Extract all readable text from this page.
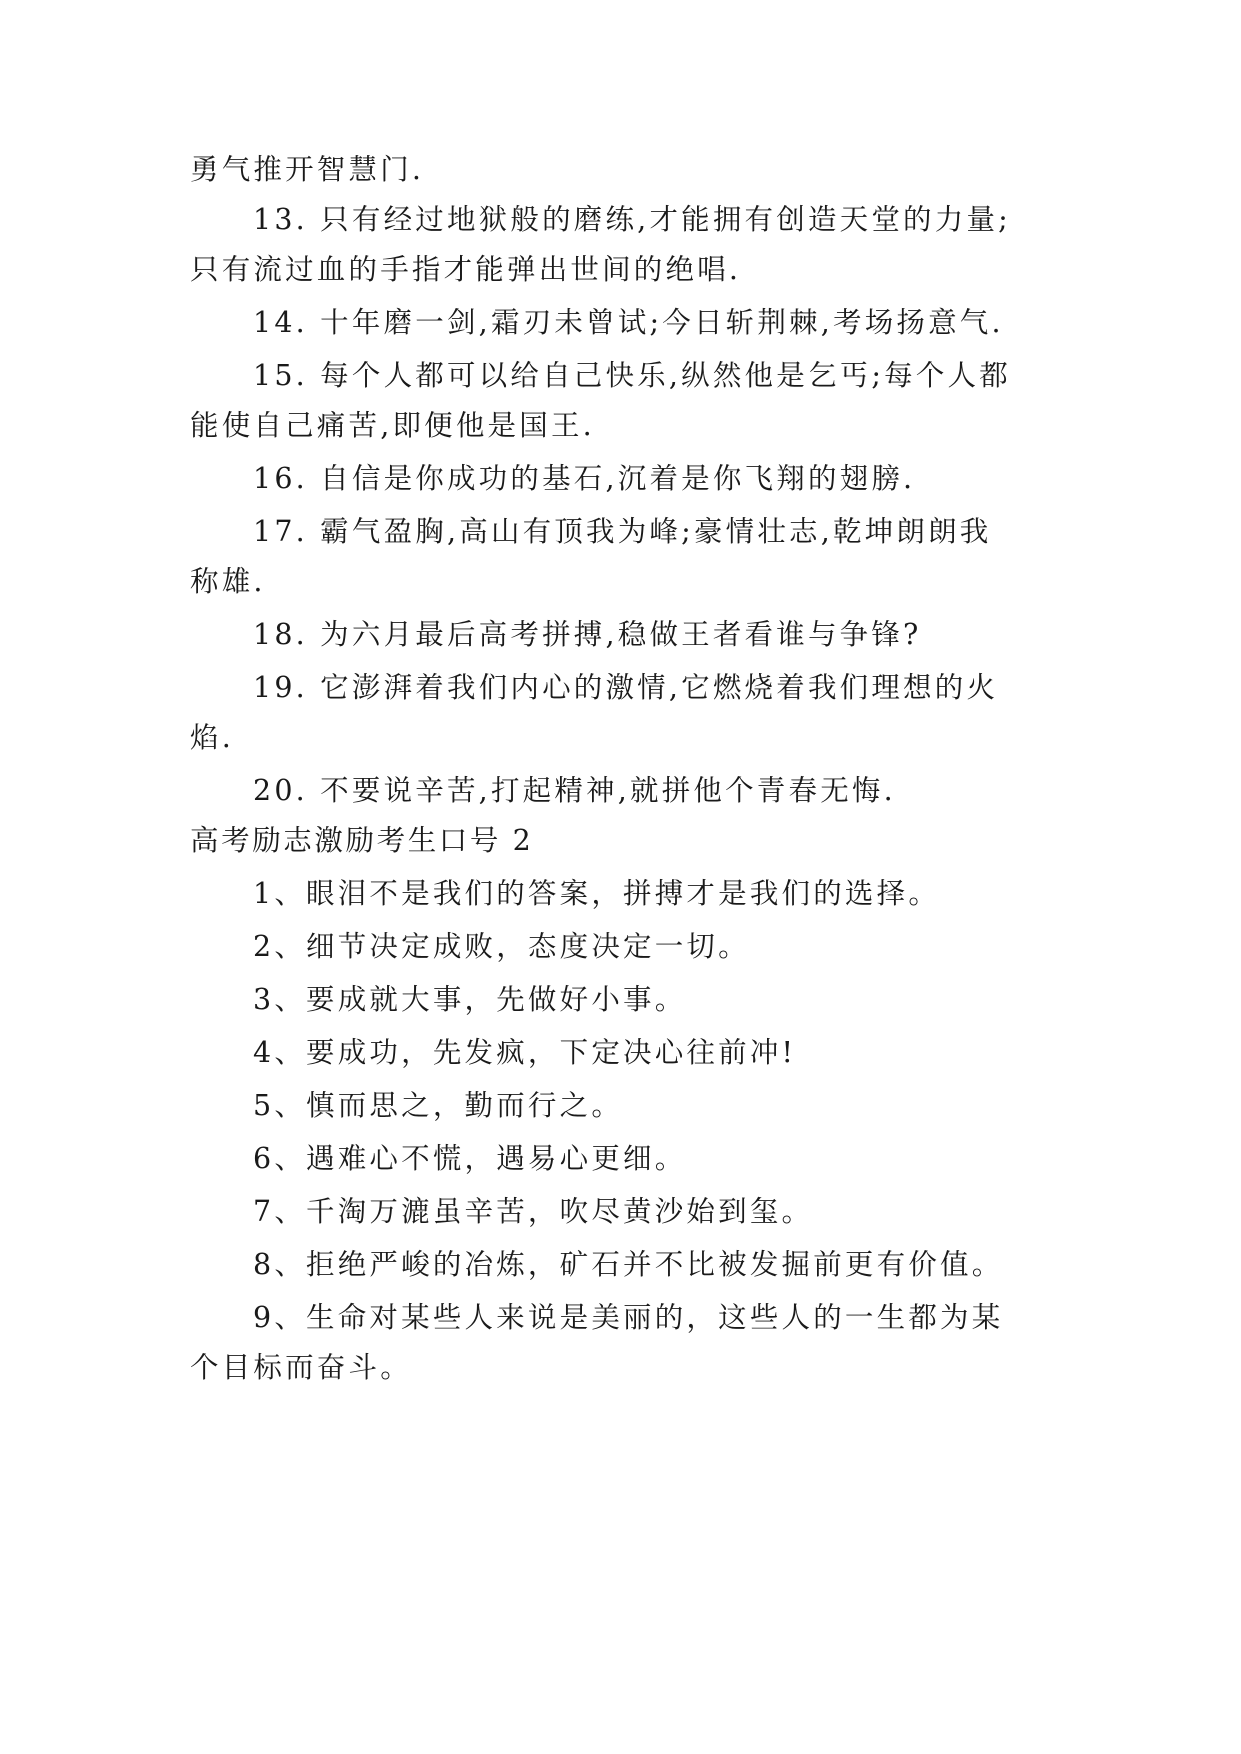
勇气推开智慧门.
13. 只有经过地狱般的磨练,才能拥有创造天堂的力量;
只有流过血的手指才能弹出世间的绝唱.
14. 十年磨一剑,霜刃未曾试;今日斩荆棘,考场扬意气.
15. 每个人都可以给自己快乐,纵然他是乞丐;每个人都
能使自己痛苦,即便他是国王.
16. 自信是你成功的基石,沉着是你飞翔的翅膀.
17. 霸气盈胸,高山有顶我为峰;豪情壮志,乾坤朗朗我
称雄.
18. 为六月最后高考拼搏,稳做王者看谁与争锋?
19. 它澎湃着我们内心的激情,它燃烧着我们理想的火
焰.
20. 不要说辛苦,打起精神,就拼他个青春无悔.
高考励志激励考生口号 2
1、眼泪不是我们的答案，拼搏才是我们的选择。
2、细节决定成败，态度决定一切。
3、要成就大事，先做好小事。
4、要成功，先发疯，下定决心往前冲!
5、慎而思之，勤而行之。
6、遇难心不慌，遇易心更细。
7、千淘万漉虽辛苦，吹尽黄沙始到玺。
8、拒绝严峻的冶炼，矿石并不比被发掘前更有价值。
9、生命对某些人来说是美丽的，这些人的一生都为某
个目标而奋斗。
